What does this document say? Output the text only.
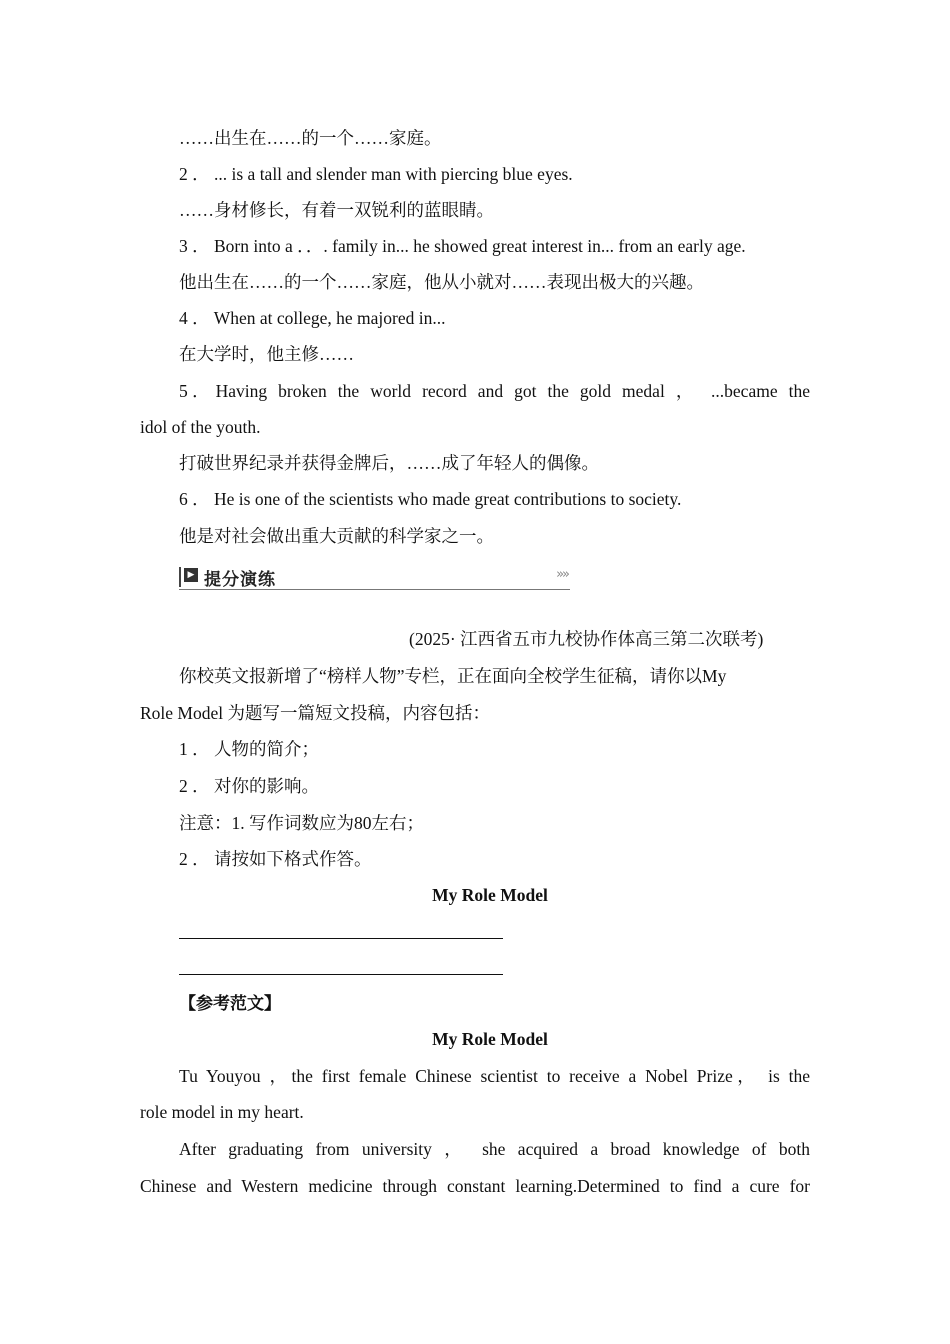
……出生在……的一个……家庭。
2 ． ... is a tall and slender man with piercing blue eyes.
……身材修长，有着一双锐利的蓝眼睛。
3 ． Born into a ．．. family in... he showed great interest in... from an early age.
他出生在……的一个……家庭，他从小就对……表现出极大的兴趣。
4 ． When at college, he majored in...
在大学时，他主修……
5 ． Having broken the world record and got the gold medal ， ...became the
idol of the youth.
打破世界纪录并获得金牌后，……成了年轻人的偶像。
6 ． He is one of the scientists who made great contributions to society.
他是对社会做出重大贡献的科学家之一。
▶ 提分演练	»»
(2025· 江西省五市九校协作体高三第二次联考)
你校英文报新增了“榜样人物”专栏，正在面向全校学生征稿，请你以My
Role Model 为题写一篇短文投稿，内容包括：
1 ． 人物的简介；
2 ． 对你的影响。
注意：1. 写作词数应为80左右；
2 ． 请按如下格式作答。
My Role Model
【参考范文】
My Role Model
Tu Youyou ，the first female Chinese scientist to receive a Nobel Prize， is the
role model in my heart.
After graduating from university ， she acquired a broad knowledge of both
Chinese and Western medicine through constant learning.Determined to find a cure for
